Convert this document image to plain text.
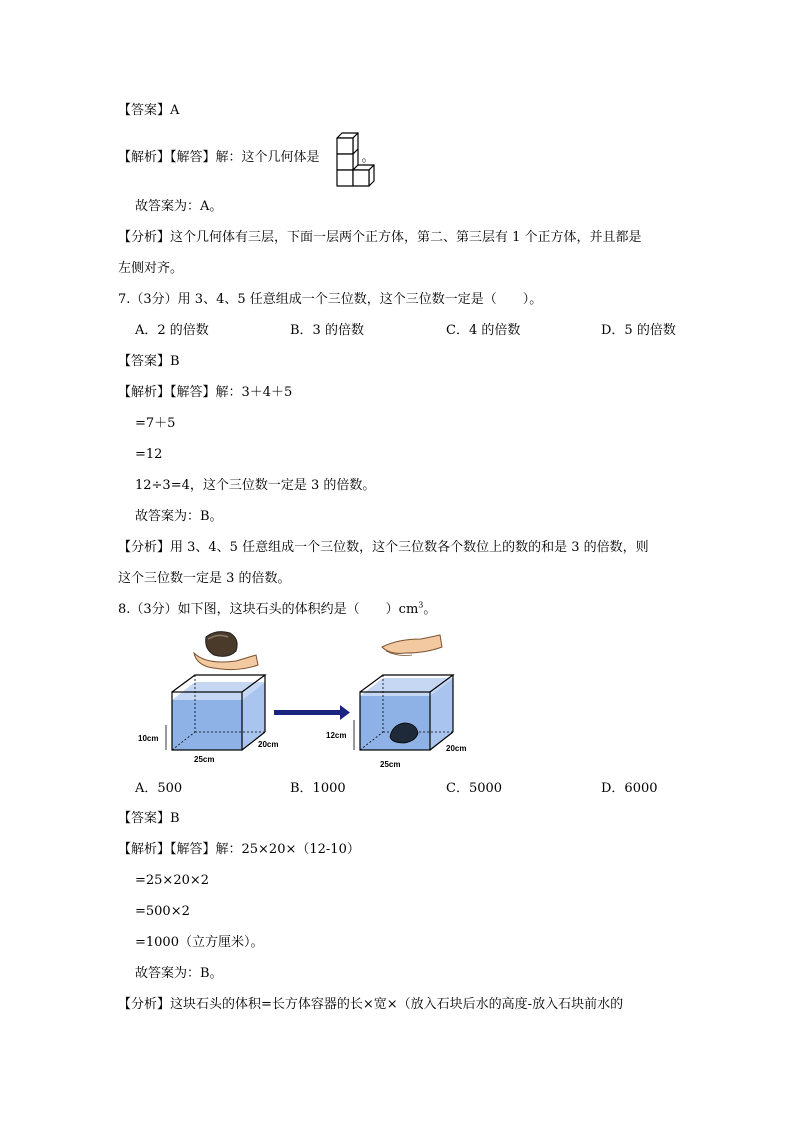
【答案】A
【解析】【解答】解：这个几何体是	。
故答案为：A。
【分析】这个几何体有三层，下面一层两个正方体，第二、第三层有 1 个正方体，并且都是
左侧对齐。
7.（3分）用 3、4、5 任意组成一个三位数，这个三位数一定是（　　）。
A．2 的倍数	B．3 的倍数	C．4 的倍数	D．5 的倍数
【答案】B
【解析】【解答】解：3＋4＋5
=7＋5
=12
12÷3=4，这个三位数一定是 3 的倍数。
故答案为：B。
【分析】用 3、4、5 任意组成一个三位数，这个三位数各个数位上的数的和是 3 的倍数，则
这个三位数一定是 3 的倍数。
8.（3分）如下图，这块石头的体积约是（　　）$cm^3$。
10cm
25cm
20cm
12cm
25cm
20cm
A．500	B．1000	C．5000	D．6000
【答案】B
【解析】【解答】解：25×20×（12-10）
=25×20×2
=500×2
=1000（立方厘米）。
故答案为：B。
【分析】这块石头的体积=长方体容器的长×宽×（放入石块后水的高度-放入石块前水的
